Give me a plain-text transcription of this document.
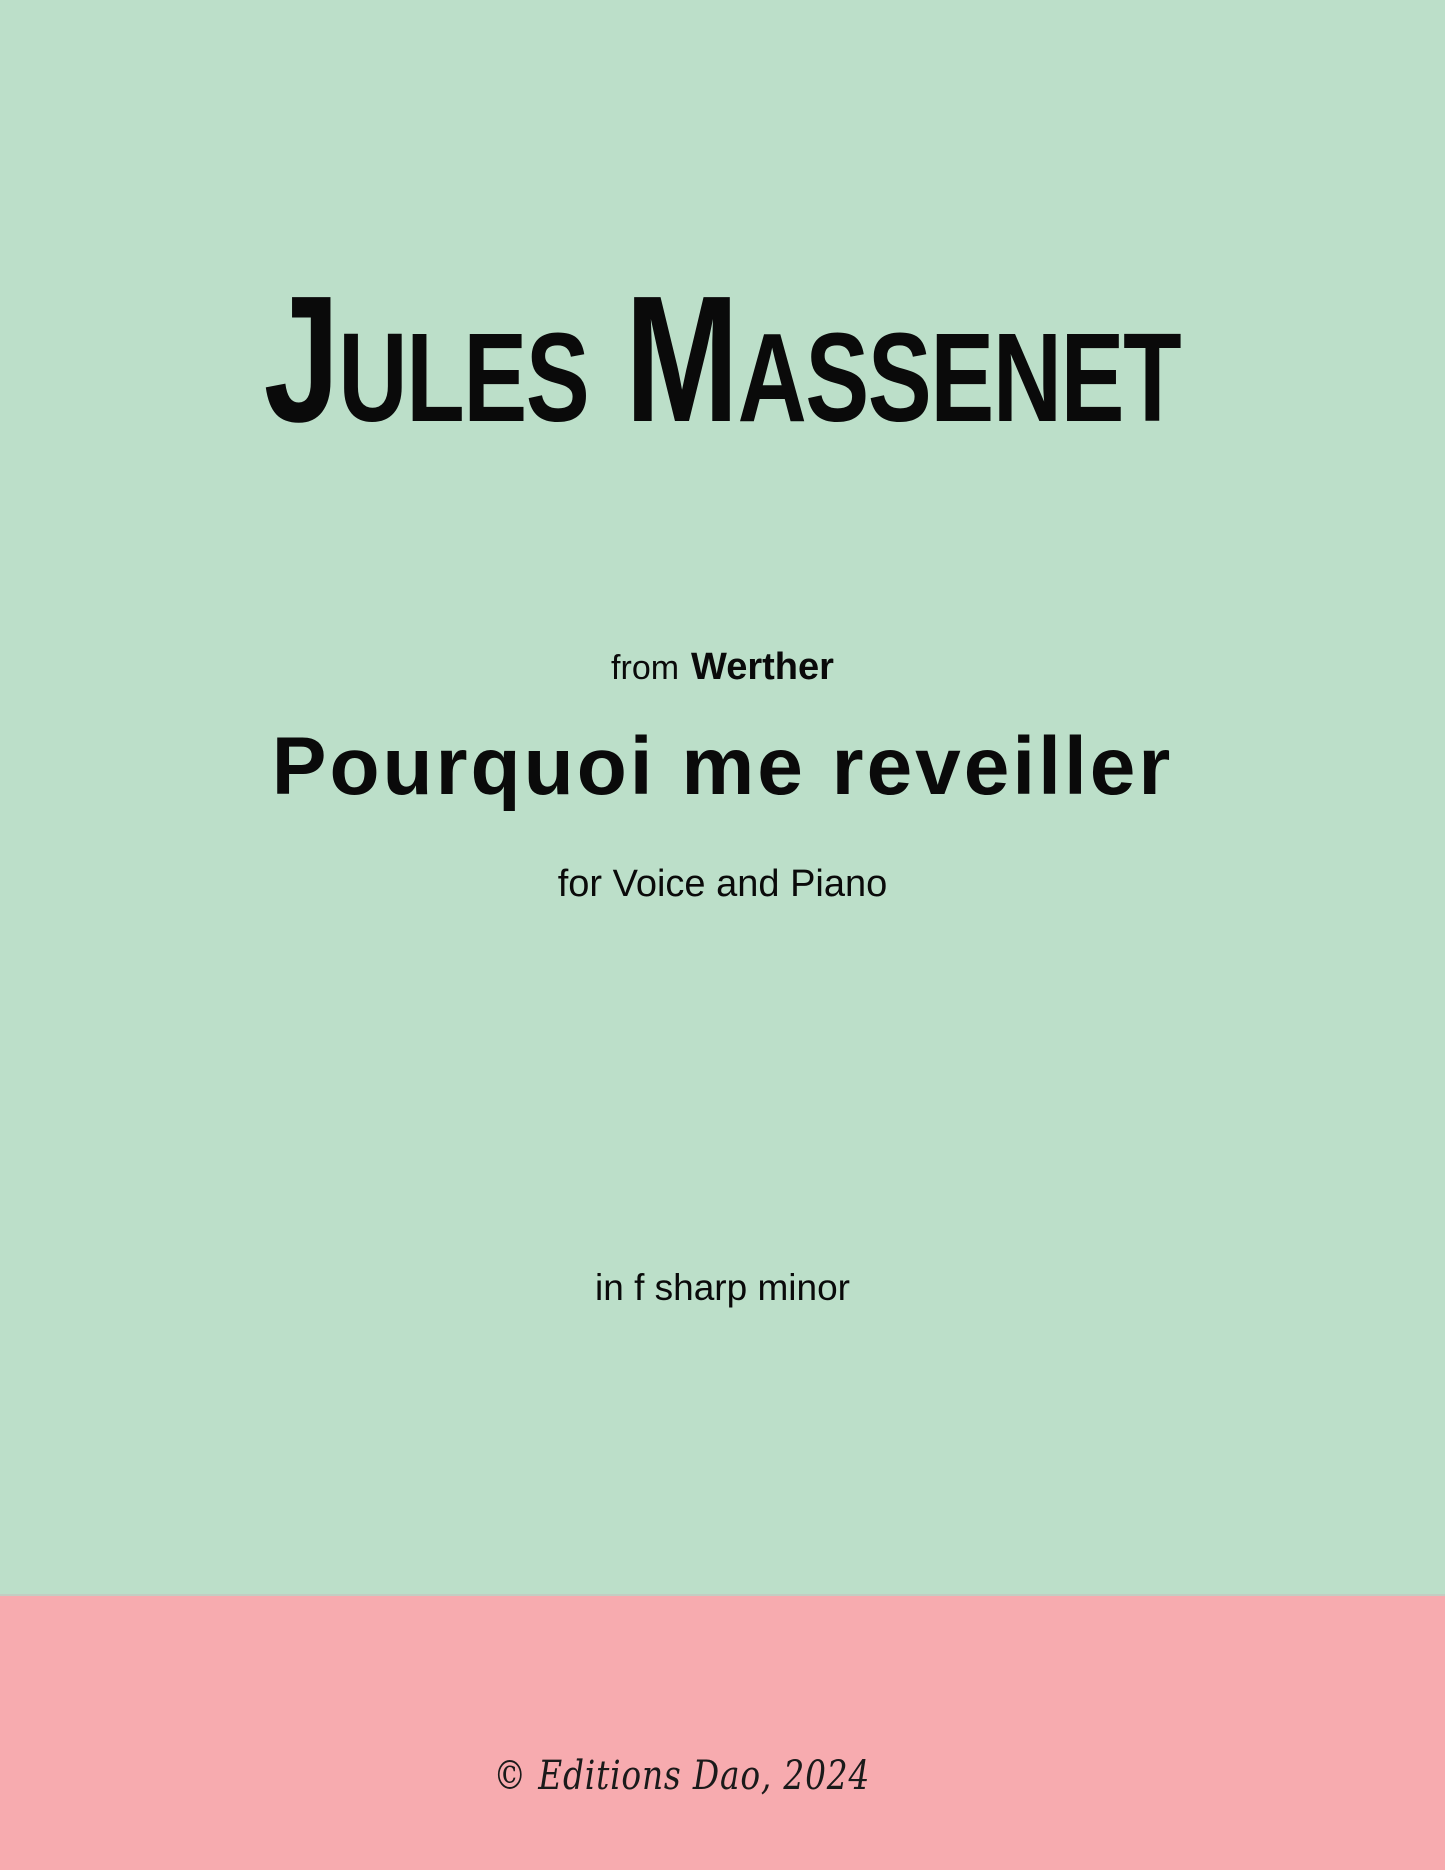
Jules Massenet
from Werther
Pourquoi me reveiller
for Voice and Piano
in f sharp minor
© Editions Dao, 2024
